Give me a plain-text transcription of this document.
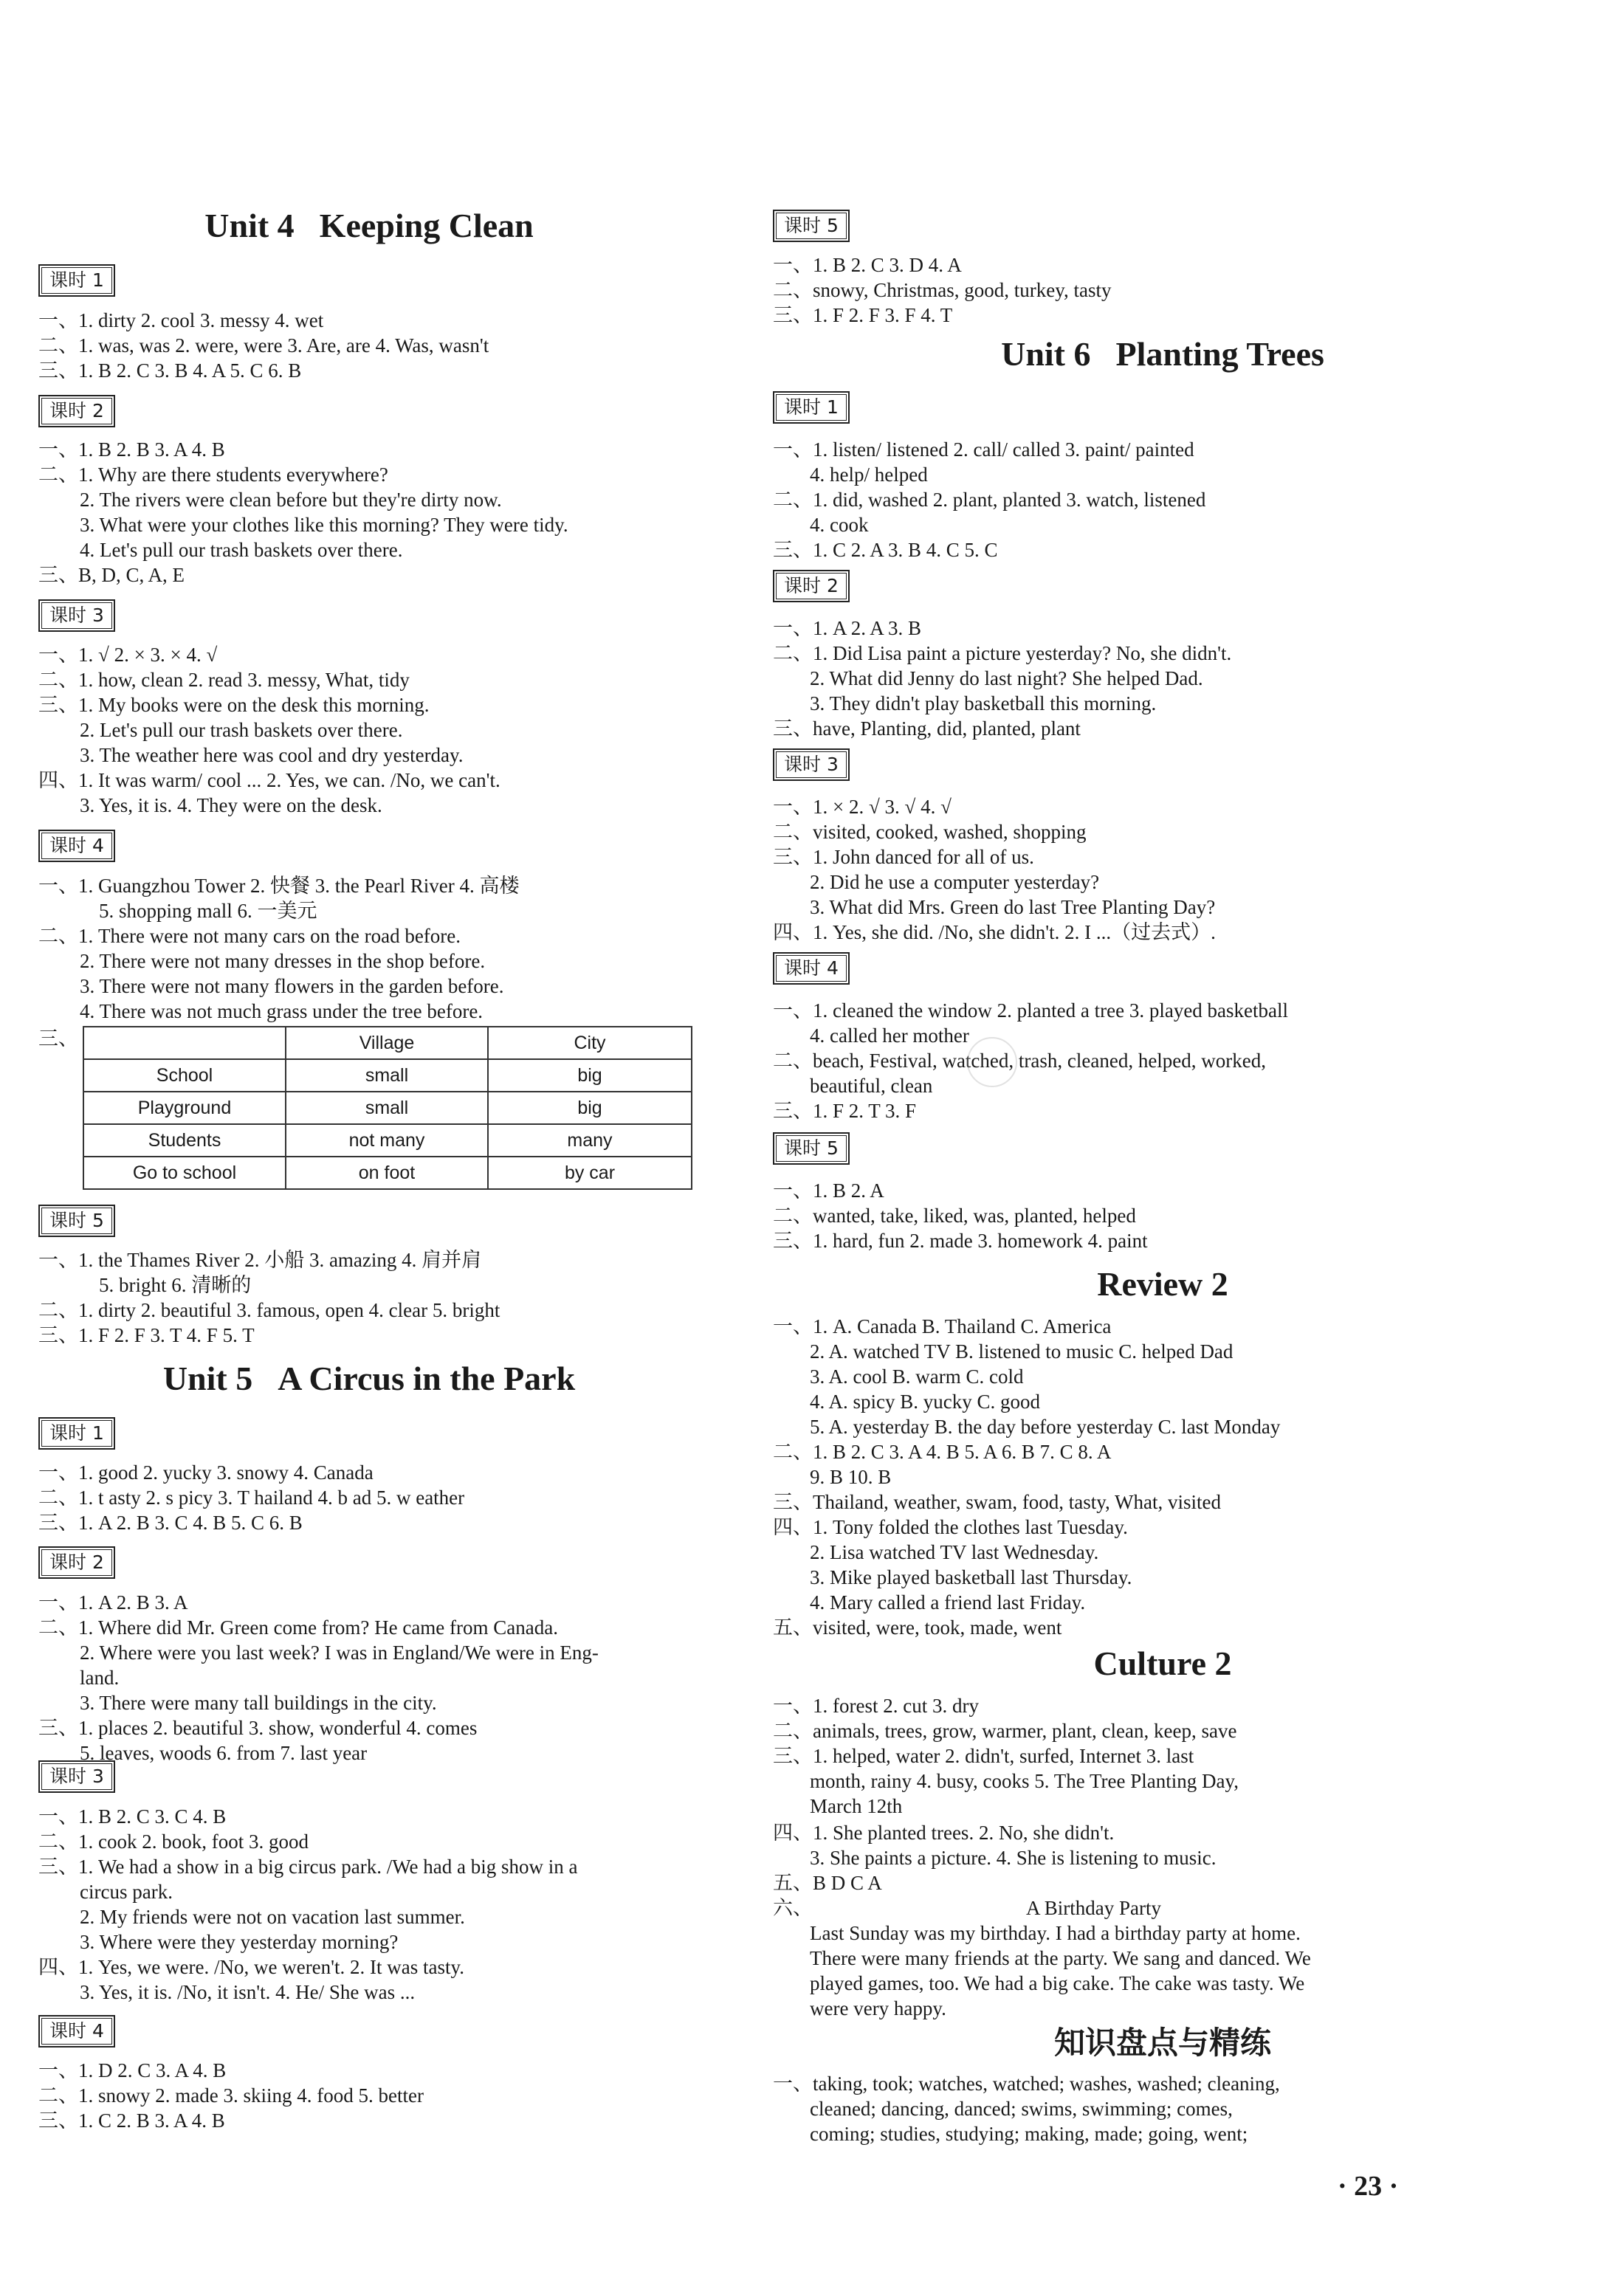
Unit 4 Keeping Clean
课时 1
一、1. dirty 2. cool 3. messy 4. wet
二、1. was, was 2. were, were 3. Are, are 4. Was, wasn't
三、1. B 2. C 3. B 4. A 5. C 6. B
课时 2
一、1. B 2. B 3. A 4. B
二、1. Why are there students everywhere?
2. The rivers were clean before but they're dirty now.
3. What were your clothes like this morning? They were tidy.
4. Let's pull our trash baskets over there.
三、B, D, C, A, E
课时 3
一、1. √ 2. × 3. × 4. √
二、1. how, clean 2. read 3. messy, What, tidy
三、1. My books were on the desk this morning.
2. Let's pull our trash baskets over there.
3. The weather here was cool and dry yesterday.
四、1. It was warm/ cool ... 2. Yes, we can. /No, we can't.
3. Yes, it is. 4. They were on the desk.
课时 4
一、1. Guangzhou Tower 2. 快餐 3. the Pearl River 4. 高楼
5. shopping mall 6. 一美元
二、1. There were not many cars on the road before.
2. There were not many dresses in the shop before.
3. There were not many flowers in the garden before.
4. There was not much grass under the tree before.
三、
		Village	City
School	small	big
Playground	small	big
Students	not many	many
Go to school	on foot	by car
课时 5
一、1. the Thames River 2. 小船 3. amazing 4. 肩并肩
5. bright 6. 清晰的
二、1. dirty 2. beautiful 3. famous, open 4. clear 5. bright
三、1. F 2. F 3. T 4. F 5. T
Unit 5 A Circus in the Park
课时 1
一、1. good 2. yucky 3. snowy 4. Canada
二、1. t asty 2. s picy 3. T hailand 4. b ad 5. w eather
三、1. A 2. B 3. C 4. B 5. C 6. B
课时 2
一、1. A 2. B 3. A
二、1. Where did Mr. Green come from? He came from Canada.
2. Where were you last week? I was in England/We were in Eng-
land.
3. There were many tall buildings in the city.
三、1. places 2. beautiful 3. show, wonderful 4. comes
5. leaves, woods 6. from 7. last year
课时 3
一、1. B 2. C 3. C 4. B
二、1. cook 2. book, foot 3. good
三、1. We had a show in a big circus park. /We had a big show in a
circus park.
2. My friends were not on vacation last summer.
3. Where were they yesterday morning?
四、1. Yes, we were. /No, we weren't. 2. It was tasty.
3. Yes, it is. /No, it isn't. 4. He/ She was ...
课时 4
一、1. D 2. C 3. A 4. B
二、1. snowy 2. made 3. skiing 4. food 5. better
三、1. C 2. B 3. A 4. B
课时 5
一、1. B 2. C 3. D 4. A
二、snowy, Christmas, good, turkey, tasty
三、1. F 2. F 3. F 4. T
Unit 6 Planting Trees
课时 1
一、1. listen/ listened 2. call/ called 3. paint/ painted
4. help/ helped
二、1. did, washed 2. plant, planted 3. watch, listened
4. cook
三、1. C 2. A 3. B 4. C 5. C
课时 2
一、1. A 2. A 3. B
二、1. Did Lisa paint a picture yesterday? No, she didn't.
2. What did Jenny do last night? She helped Dad.
3. They didn't play basketball this morning.
三、have, Planting, did, planted, plant
课时 3
一、1. × 2. √ 3. √ 4. √
二、visited, cooked, washed, shopping
三、1. John danced for all of us.
2. Did he use a computer yesterday?
3. What did Mrs. Green do last Tree Planting Day?
四、1. Yes, she did. /No, she didn't. 2. I ...（过去式）.
课时 4
一、1. cleaned the window 2. planted a tree 3. played basketball
4. called her mother
二、beach, Festival, watched, trash, cleaned, helped, worked,
beautiful, clean
三、1. F 2. T 3. F
课时 5
一、1. B 2. A
二、wanted, take, liked, was, planted, helped
三、1. hard, fun 2. made 3. homework 4. paint
Review 2
一、1. A. Canada B. Thailand C. America
2. A. watched TV B. listened to music C. helped Dad
3. A. cool B. warm C. cold
4. A. spicy B. yucky C. good
5. A. yesterday B. the day before yesterday C. last Monday
二、1. B 2. C 3. A 4. B 5. A 6. B 7. C 8. A
9. B 10. B
三、Thailand, weather, swam, food, tasty, What, visited
四、1. Tony folded the clothes last Tuesday.
2. Lisa watched TV last Wednesday.
3. Mike played basketball last Thursday.
4. Mary called a friend last Friday.
五、visited, were, took, made, went
Culture 2
一、1. forest 2. cut 3. dry
二、animals, trees, grow, warmer, plant, clean, keep, save
三、1. helped, water 2. didn't, surfed, Internet 3. last
month, rainy 4. busy, cooks 5. The Tree Planting Day,
March 12th
四、1. She planted trees. 2. No, she didn't.
3. She paints a picture. 4. She is listening to music.
五、B D C A
六、	A Birthday Party
Last Sunday was my birthday. I had a birthday party at home.
There were many friends at the party. We sang and danced. We
played games, too. We had a big cake. The cake was tasty. We
were very happy.
知识盘点与精练
一、taking, took; watches, watched; washes, washed; cleaning,
cleaned; dancing, danced; swims, swimming; comes,
coming; studies, studying; making, made; going, went;
· 23 ·
